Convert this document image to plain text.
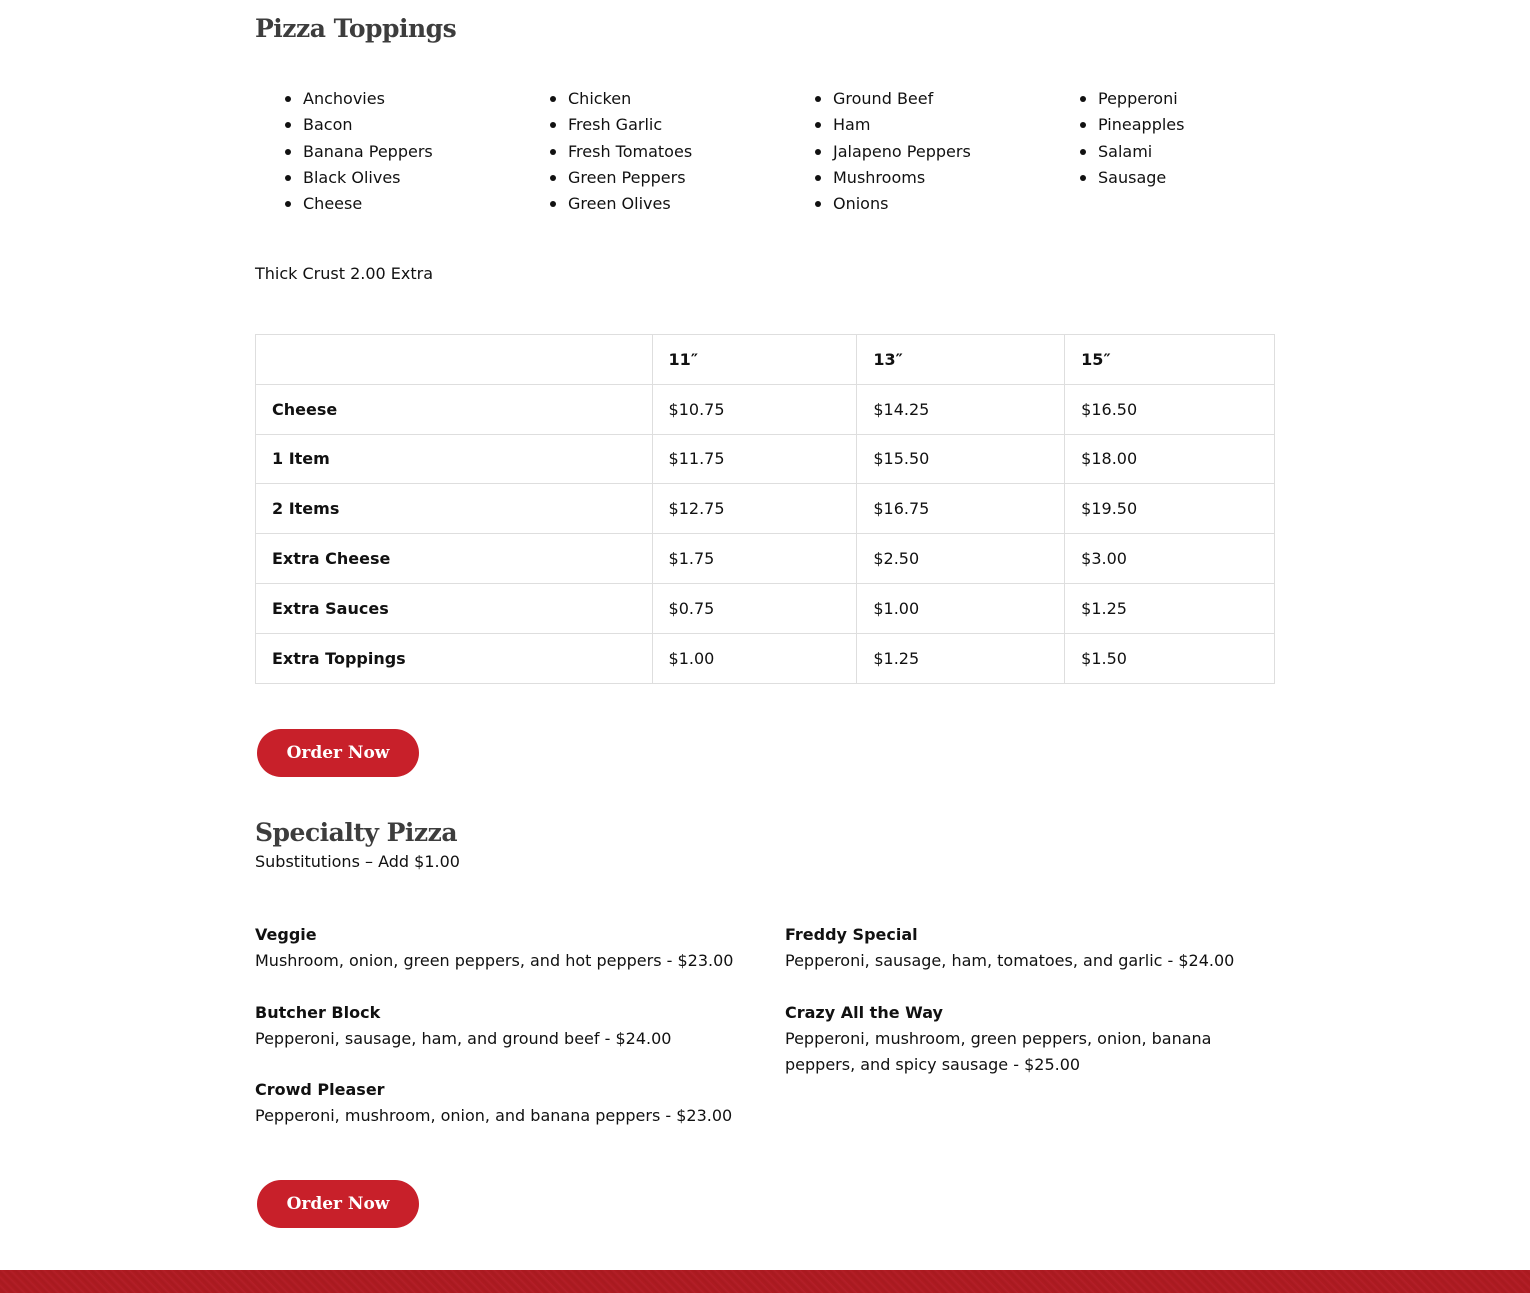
Pizza Toppings
Anchovies
Bacon
Banana Peppers
Black Olives
Cheese
Chicken
Fresh Garlic
Fresh Tomatoes
Green Peppers
Green Olives
Ground Beef
Ham
Jalapeno Peppers
Mushrooms
Onions
Pepperoni
Pineapples
Salami
Sausage

Thick Crust 2.00 Extra

	11″	13″	15″
Cheese	$10.75	$14.25	$16.50
1 Item	$11.75	$15.50	$18.00
2 Items	$12.75	$16.75	$19.50
Extra Cheese	$1.75	$2.50	$3.00
Extra Sauces	$0.75	$1.00	$1.25
Extra Toppings	$1.00	$1.25	$1.50
Order Now
Specialty Pizza

Substitutions – Add $1.00

Veggie
Mushroom, onion, green peppers, and hot peppers - $23.00
Butcher Block
Pepperoni, sausage, ham, and ground beef - $24.00
Crowd Pleaser
Pepperoni, mushroom, onion, and banana peppers - $23.00
Freddy Special
Pepperoni, sausage, ham, tomatoes, and garlic - $24.00
Crazy All the Way
Pepperoni, mushroom, green peppers, onion, banana peppers, and spicy sausage - $25.00
Order Now
